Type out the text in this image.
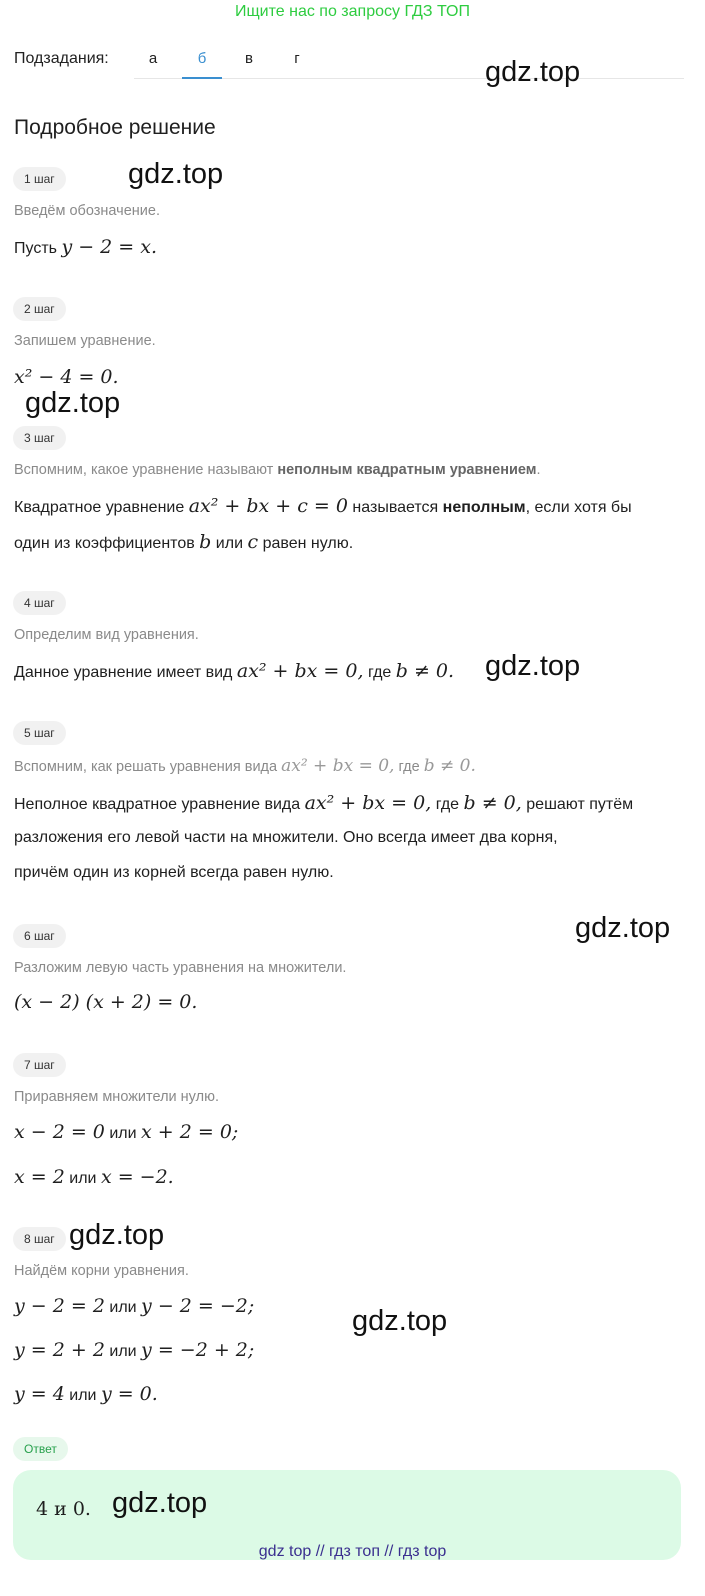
Ищите нас по запросу ГДЗ ТОП
Подзадания:	а	б	в	г	gdz.top
gdz.top
gdz.top
gdz.top
gdz.top
gdz.top
gdz.top
gdz.top
Подробное решение
1 шаг
Введём обозначение.
Пусть y − 2 = x.
2 шаг
Запишем уравнение.
x² − 4 = 0.
3 шаг
Вспомним, какое уравнение называют неполным квадратным уравнением.
Квадратное уравнение ax² + bx + c = 0 называется неполным, если хотя бы
один из коэффициентов b или c равен нулю.
4 шаг
Определим вид уравнения.
Данное уравнение имеет вид ax² + bx = 0, где b ≠ 0.
5 шаг
Вспомним, как решать уравнения вида ax² + bx = 0, где b ≠ 0.
Неполное квадратное уравнение вида ax² + bx = 0, где b ≠ 0, решают путём
разложения его левой части на множители. Оно всегда имеет два корня,
причём один из корней всегда равен нулю.
6 шаг
Разложим левую часть уравнения на множители.
(x − 2) (x + 2) = 0.
7 шаг
Приравняем множители нулю.
x − 2 = 0 или x + 2 = 0;
x = 2 или x = −2.
8 шаг
Найдём корни уравнения.
y − 2 = 2 или y − 2 = −2;
y = 2 + 2 или y = −2 + 2;
y = 4 или y = 0.
Ответ
4 и 0.
gdz top // гдз топ // гдз top
